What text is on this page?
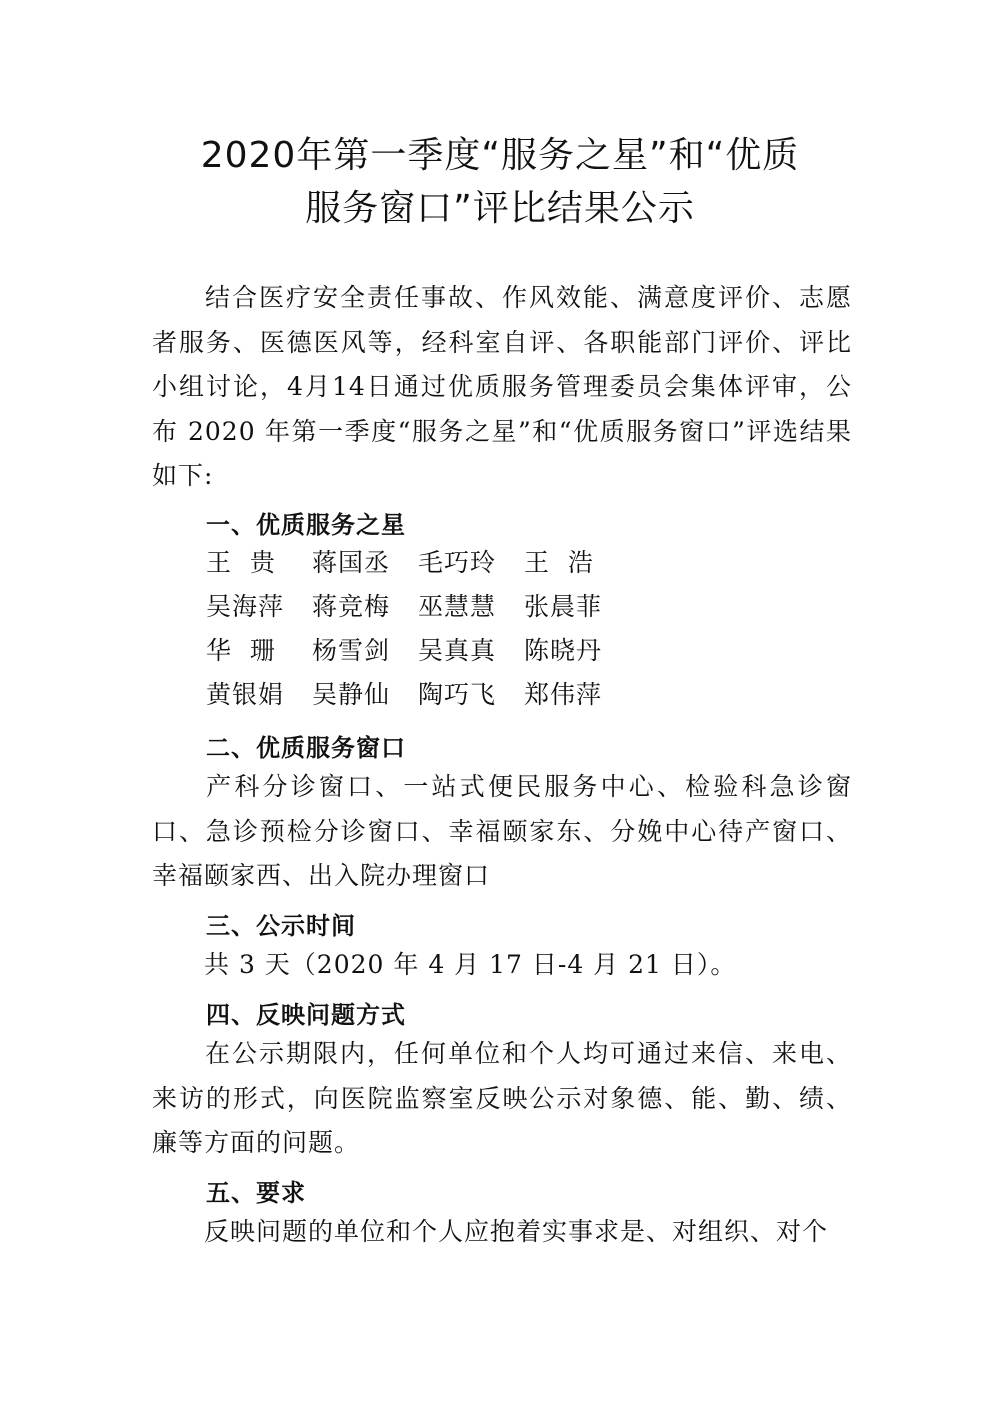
2020年第一季度“服务之星”和“优质
服务窗口”评比结果公示
结合医疗安全责任事故、作风效能、满意度评价、志愿者服务、医德医风等，经科室自评、各职能部门评价、评比小组讨论，4月14日通过优质服务管理委员会集体评审，公布 2020 年第一季度“服务之星”和“优质服务窗口”评选结果如下:
一、优质服务之星
王  贵	蒋国丞	毛巧玲	王  浩
吴海萍	蒋竞梅	巫慧慧	张晨菲
华  珊	杨雪剑	吴真真	陈晓丹
黄银娟	吴静仙	陶巧飞	郑伟萍
二、优质服务窗口
产科分诊窗口、一站式便民服务中心、检验科急诊窗口、急诊预检分诊窗口、幸福颐家东、分娩中心待产窗口、幸福颐家西、出入院办理窗口
三、公示时间
共 3 天（2020 年 4 月 17 日-4 月 21 日）。
四、反映问题方式
在公示期限内，任何单位和个人均可通过来信、来电、来访的形式，向医院监察室反映公示对象德、能、勤、绩、廉等方面的问题。
五、要求
反映问题的单位和个人应抱着实事求是、对组织、对个
